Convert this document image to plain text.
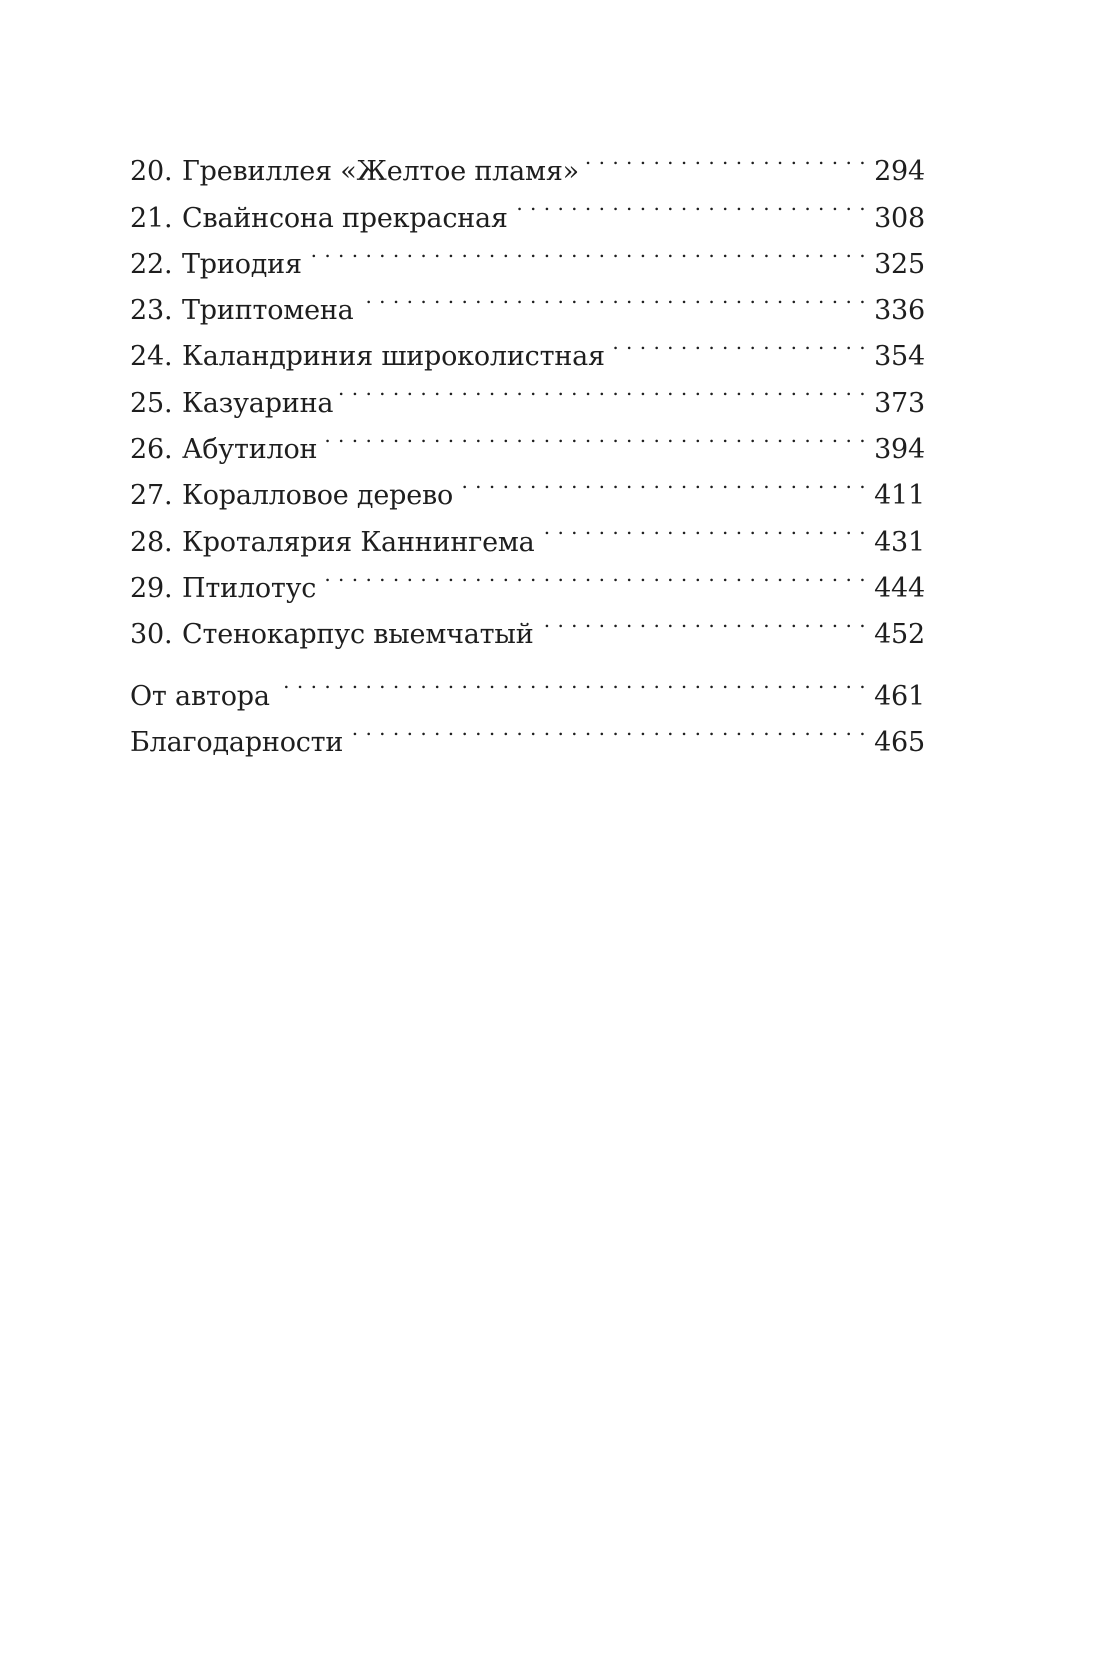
20. Гревиллея «Желтое пламя» . . .	294
21. Свайнсона прекрасная . . .	308
22. Триодия . . .	325
23. Триптомена . . .	336
24. Каландриния широколистная . . .	354
25. Казуарина . . .	373
26. Абутилон . . .	394
27. Коралловое дерево . . .	411
28. Кроталярия Каннингема . . .	431
29. Птилотус . . .	444
30. Стенокарпус выемчатый . . .	452
От автора . . .	461
Благодарности . . .	465
